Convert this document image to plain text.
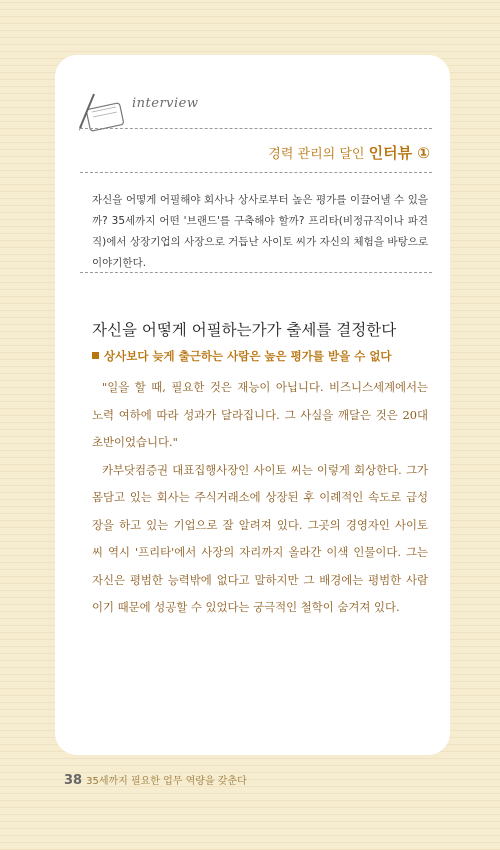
interview
경력 관리의 달인 인터뷰 ①
자신을 어떻게 어필해야 회사나 상사로부터 높은 평가를 이끌어낼 수 있을까? 35세까지 어떤 '브랜드'를 구축해야 할까? 프리타(비정규직이나 파견직)에서 상장기업의 사장으로 거듭난 사이토 씨가 자신의 체험을 바탕으로 이야기한다.
자신을 어떻게 어필하는가가 출세를 결정한다
상사보다 늦게 출근하는 사람은 높은 평가를 받을 수 없다

"일을 할 때, 필요한 것은 재능이 아닙니다. 비즈니스세계에서는 노력 여하에 따라 성과가 달라집니다. 그 사실을 깨달은 것은 20대 초반이었습니다."

카부닷컴증권 대표집행사장인 사이토 씨는 이렇게 회상한다. 그가 몸담고 있는 회사는 주식거래소에 상장된 후 이례적인 속도로 급성장을 하고 있는 기업으로 잘 알려져 있다. 그곳의 경영자인 사이토 씨 역시 '프리타'에서 사장의 자리까지 올라간 이색 인물이다. 그는 자신은 평범한 능력밖에 없다고 말하지만 그 배경에는 평범한 사람이기 때문에 성공할 수 있었다는 궁극적인 철학이 숨겨져 있다.

38 35세까지 필요한 업무 역량을 갖춘다
